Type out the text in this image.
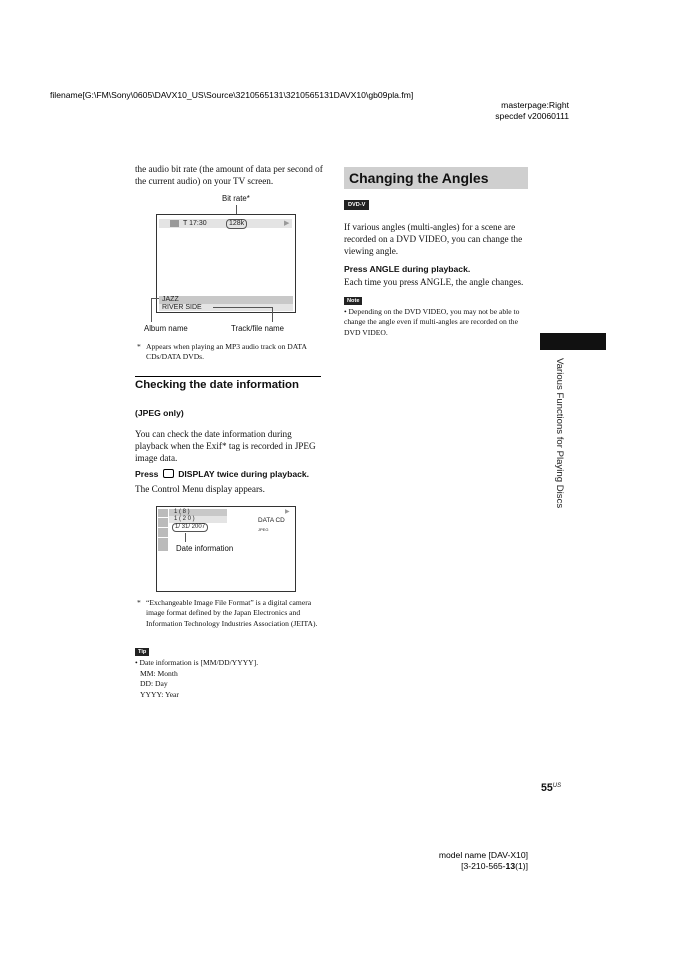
filename[G:\FM\Sony\0605\DAVX10_US\Source\3210565131\3210565131DAVX10\gb09pla.fm]
masterpage:Right
specdef v20060111
the audio bit rate (the amount of data per second of the current audio) on your TV screen.
Bit rate*
T 17:30	128k	▶
JAZZ
RIVER SIDE
Album name	Track/file name
* Appears when playing an MP3 audio track on DATA CDs/DATA DVDs.
Checking the date information
(JPEG only)
You can check the date information during playback when the Exif* tag is recorded in JPEG image data.
Press DISPLAY twice during playback.
The Control Menu display appears.
1 ( 8 )
1 ( 2 0 )
1/ 31/ 2007
▶
DATA CD JPEG
Date information
* “Exchangeable Image File Format” is a digital camera image format defined by the Japan Electronics and Information Technology Industries Association (JEITA).
Tip
• Date information is [MM/DD/YYYY].
MM: Month
DD: Day
YYYY: Year
Changing the Angles
DVD-V
If various angles (multi-angles) for a scene are recorded on a DVD VIDEO, you can change the viewing angle.
Press ANGLE during playback.
Each time you press ANGLE, the angle changes.
Note
• Depending on the DVD VIDEO, you may not be able to change the angle even if multi-angles are recorded on the DVD VIDEO.
Various Functions for Playing Discs
$55^{US}$
model name [DAV-X10]
[3-210-565-13(1)]
